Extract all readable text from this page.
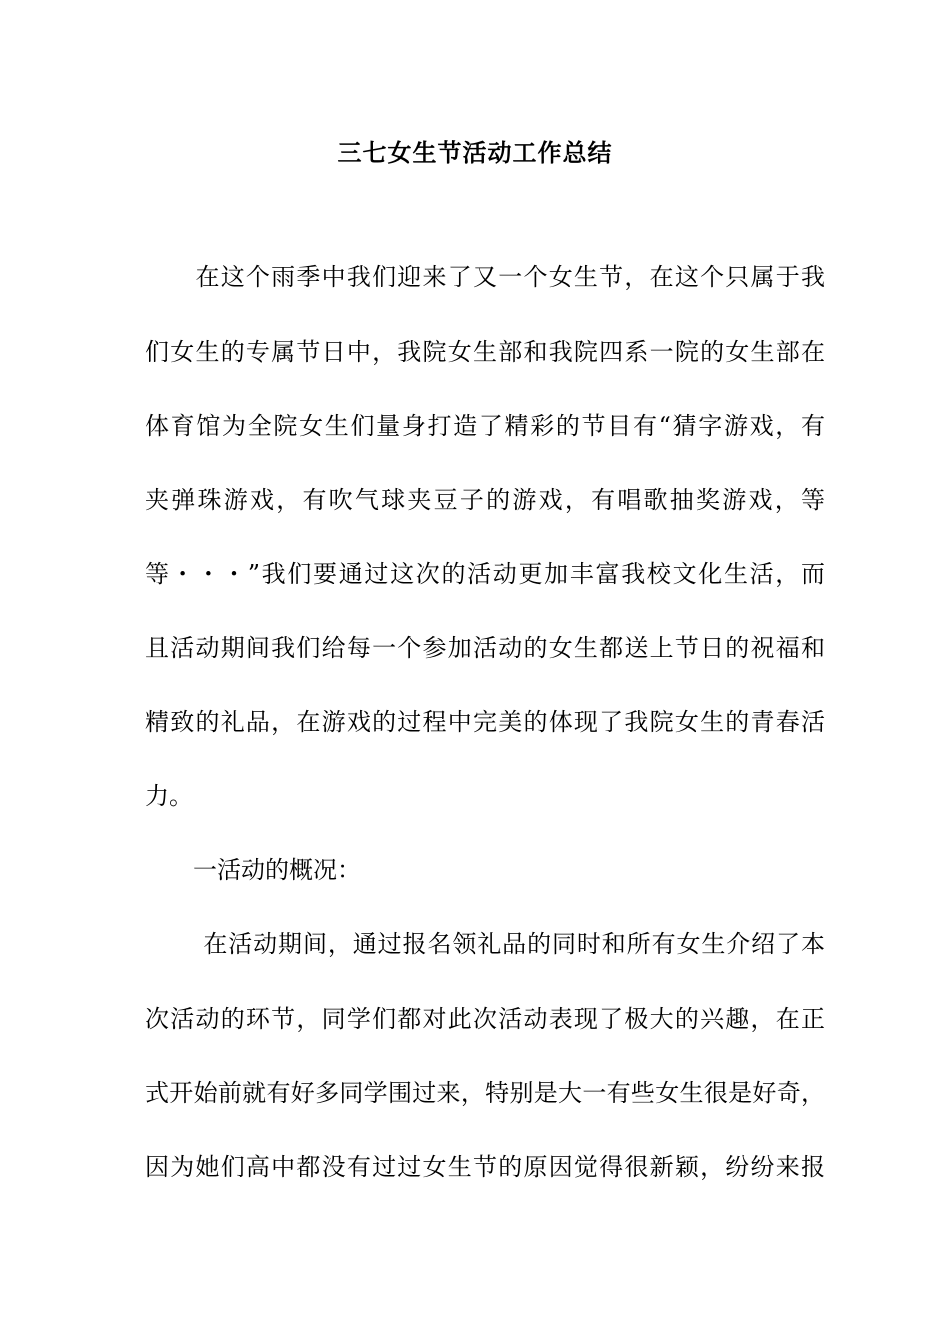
三七女生节活动工作总结
　　在这个雨季中我们迎来了又一个女生节，在这个只属于我
们女生的专属节日中，我院女生部和我院四系一院的女生部在
体育馆为全院女生们量身打造了精彩的节目有“猜字游戏，有
夹弹珠游戏，有吹气球夹豆子的游戏，有唱歌抽奖游戏，等
等・・・”我们要通过这次的活动更加丰富我校文化生活，而
且活动期间我们给每一个参加活动的女生都送上节日的祝福和
精致的礼品，在游戏的过程中完美的体现了我院女生的青春活
力。
　　一活动的概况：
　　 在活动期间，通过报名领礼品的同时和所有女生介绍了本
次活动的环节，同学们都对此次活动表现了极大的兴趣，在正
式开始前就有好多同学围过来，特别是大一有些女生很是好奇，
因为她们高中都没有过过女生节的原因觉得很新颖，纷纷来报
